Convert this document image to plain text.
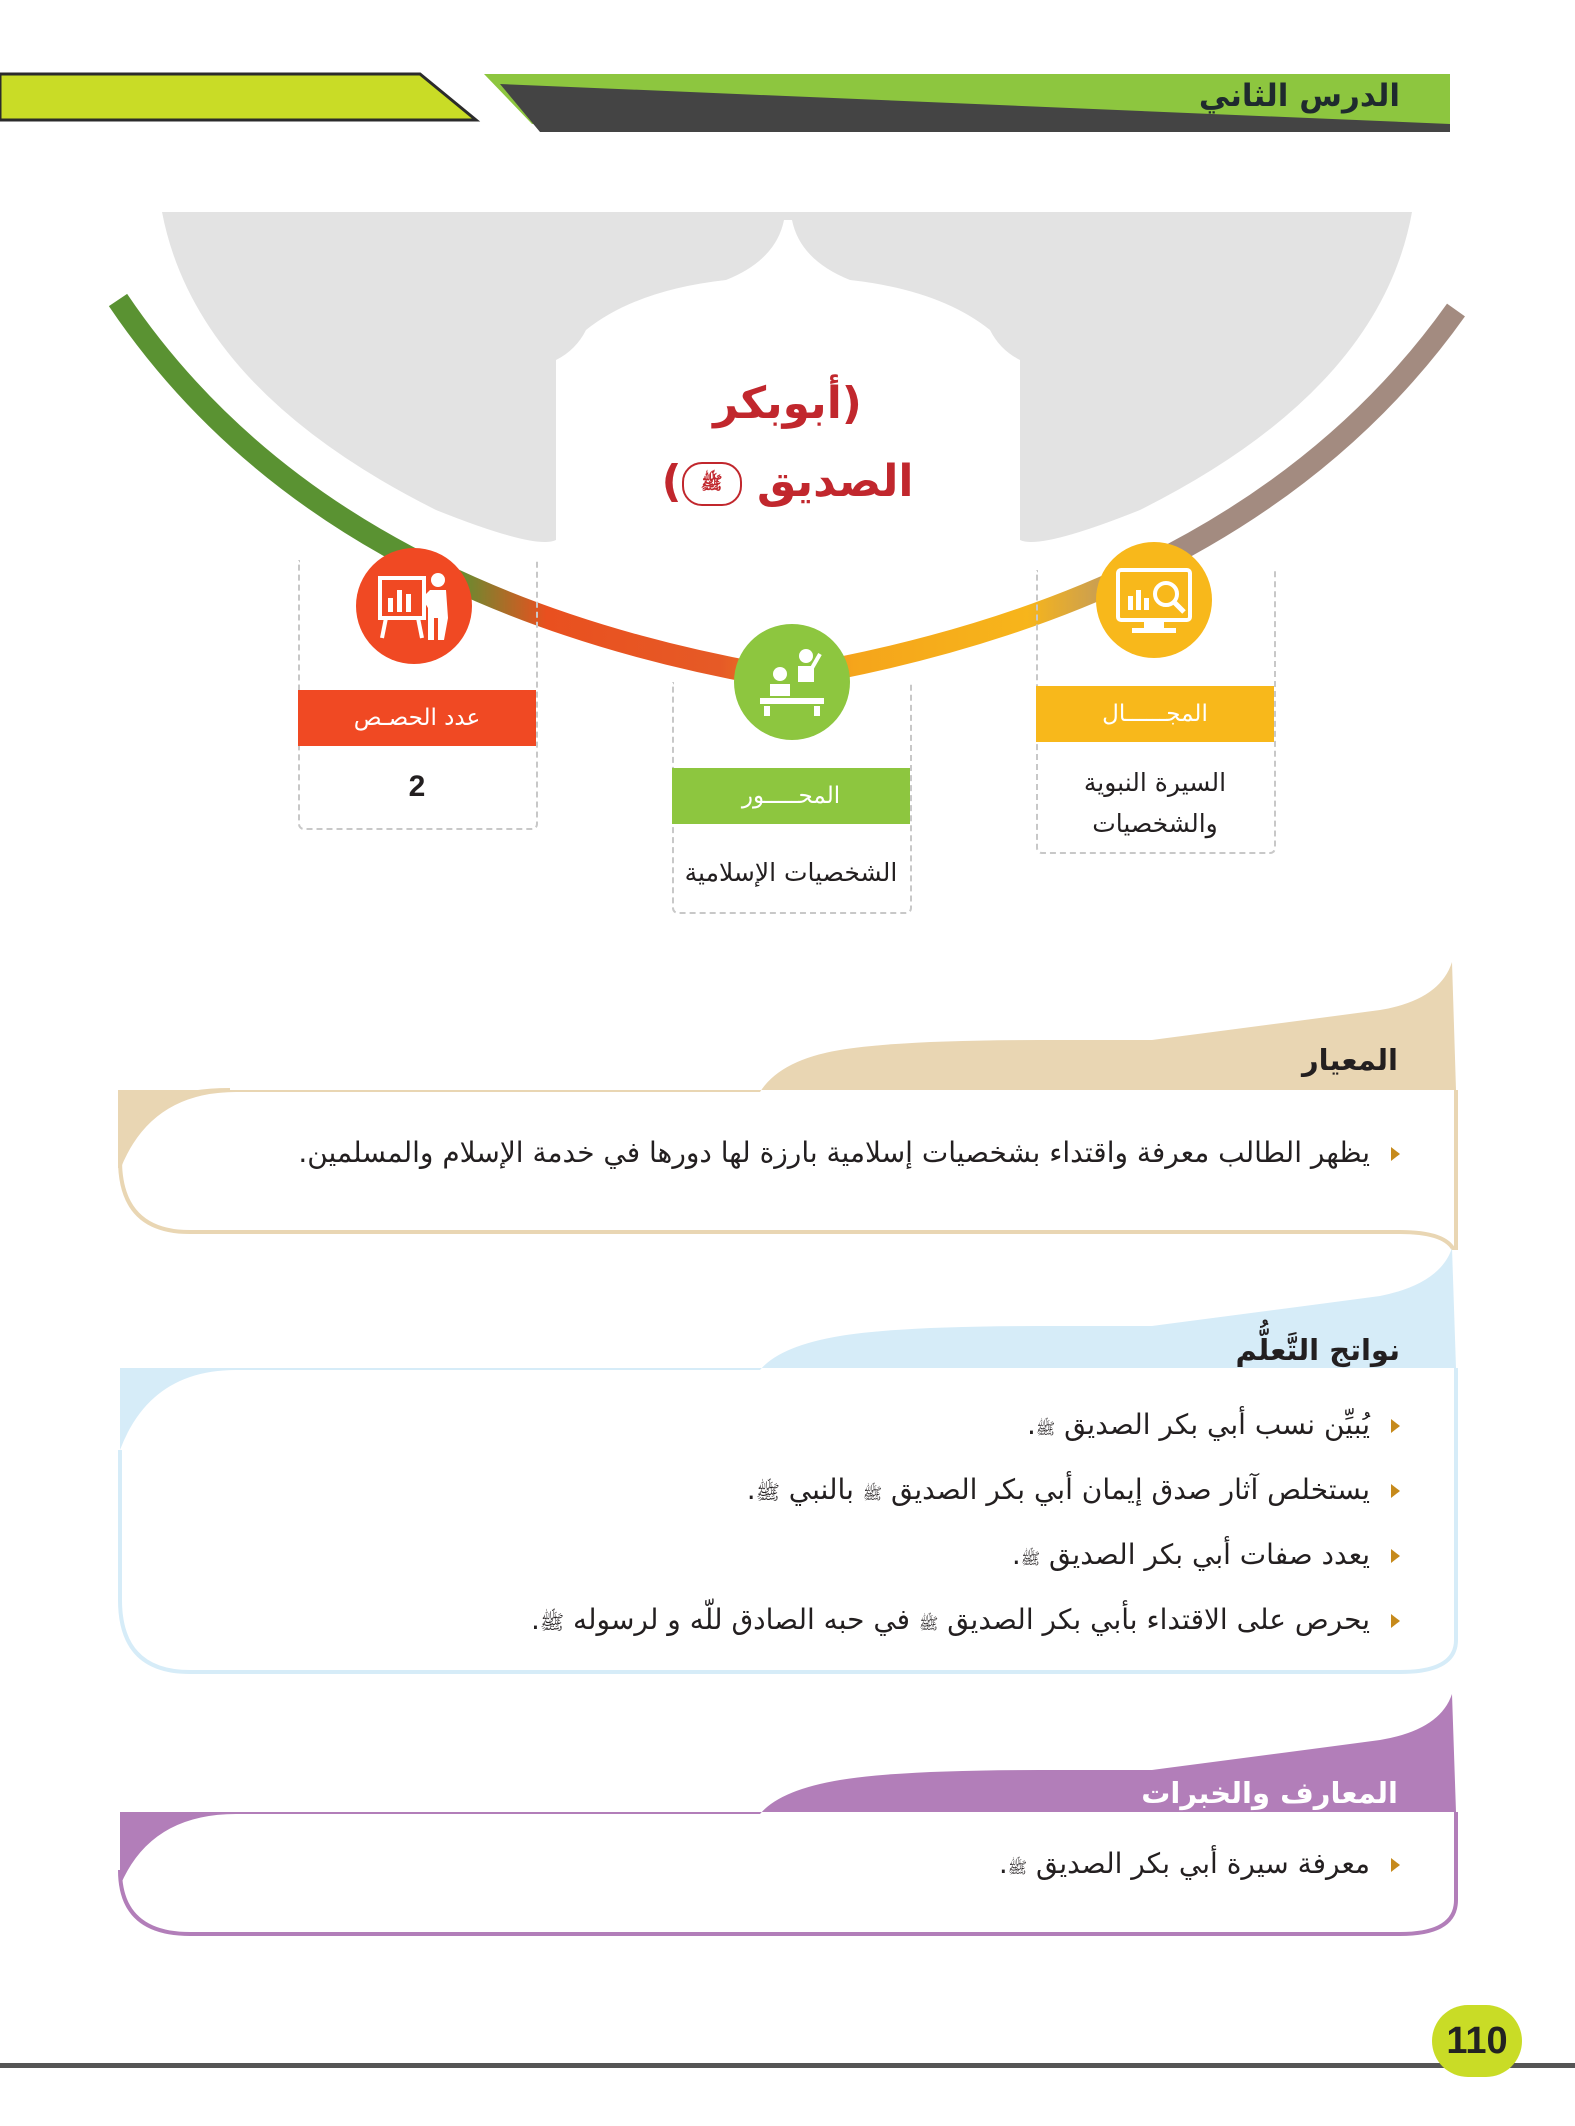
الدرس الثاني
(أبوبكر
الصديق ﷺ)
عدد الحصـص
2	المحـــــور
الشخصيات الإسلامية
المجــــــال
السيرة النبوية
والشخصيات
المعيار
يظهر الطالب معرفة واقتداء بشخصيات إسلامية بارزة لها دورها في خدمة الإسلام والمسلمين.
نواتج التَّعلُّم
يُبيِّن نسب أبي بكر الصديق ﷺ.
يستخلص آثار صدق إيمان أبي بكر الصديق ﷺ بالنبي ﷺ.
يعدد صفات أبي بكر الصديق ﷺ.
يحرص على الاقتداء بأبي بكر الصديق ﷺ في حبه الصادق للّه و لرسوله ﷺ.
المعارف والخبرات
معرفة سيرة أبي بكر الصديق ﷺ.
110
